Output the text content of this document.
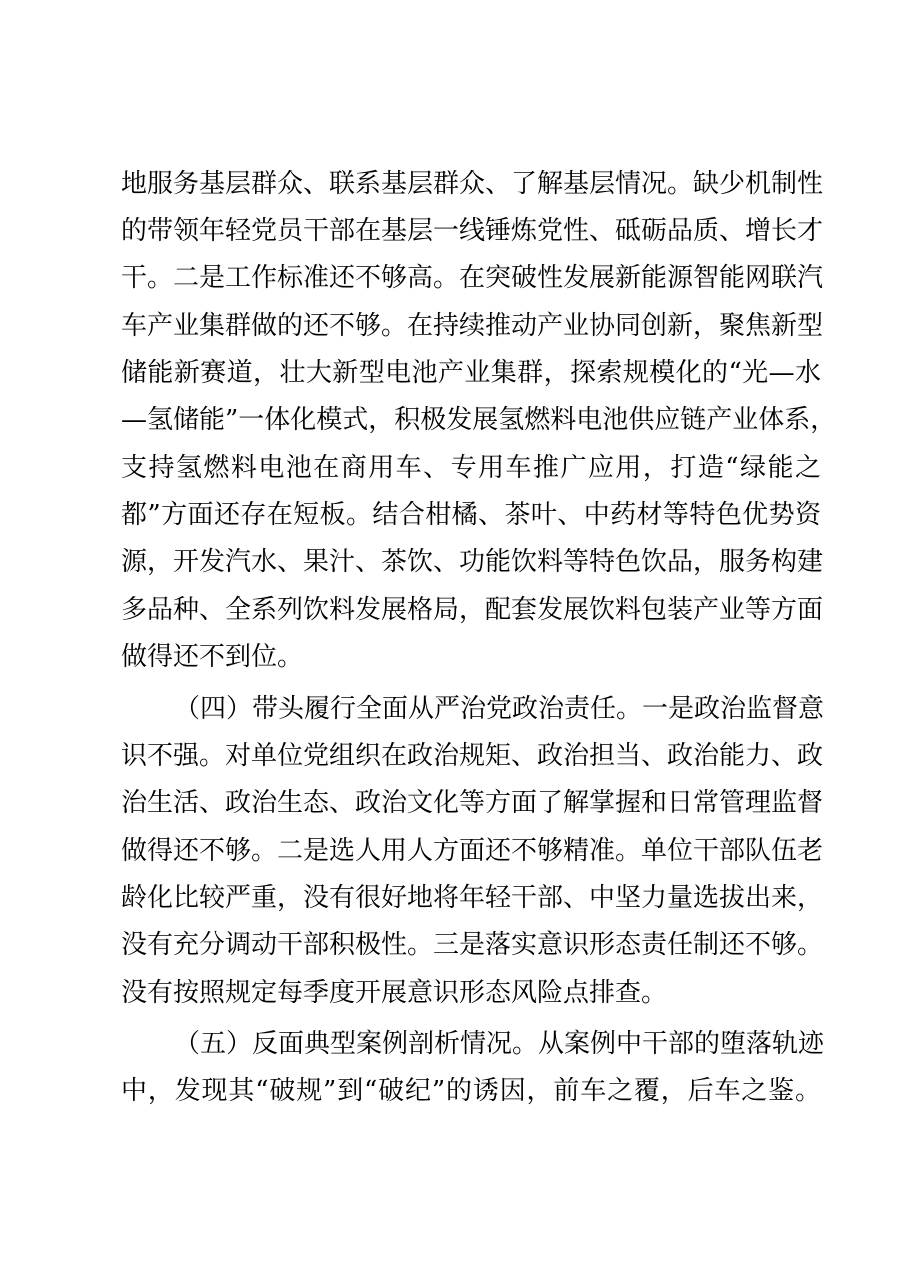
地服务基层群众、联系基层群众、了解基层情况。缺少机制性
的带领年轻党员干部在基层一线锤炼党性、砥砺品质、增长才
干。二是工作标准还不够高。在突破性发展新能源智能网联汽
车产业集群做的还不够。在持续推动产业协同创新，聚焦新型
储能新赛道，壮大新型电池产业集群，探索规模化的“光—水
—氢储能”一体化模式，积极发展氢燃料电池供应链产业体系，
支持氢燃料电池在商用车、专用车推广应用，打造“绿能之
都”方面还存在短板。结合柑橘、茶叶、中药材等特色优势资
源，开发汽水、果汁、茶饮、功能饮料等特色饮品，服务构建
多品种、全系列饮料发展格局，配套发展饮料包装产业等方面
做得还不到位。
（四）带头履行全面从严治党政治责任。一是政治监督意
识不强。对单位党组织在政治规矩、政治担当、政治能力、政
治生活、政治生态、政治文化等方面了解掌握和日常管理监督
做得还不够。二是选人用人方面还不够精准。单位干部队伍老
龄化比较严重，没有很好地将年轻干部、中坚力量选拔出来，
没有充分调动干部积极性。三是落实意识形态责任制还不够。
没有按照规定每季度开展意识形态风险点排查。
（五）反面典型案例剖析情况。从案例中干部的堕落轨迹
中，发现其“破规”到“破纪”的诱因，前车之覆，后车之鉴。
